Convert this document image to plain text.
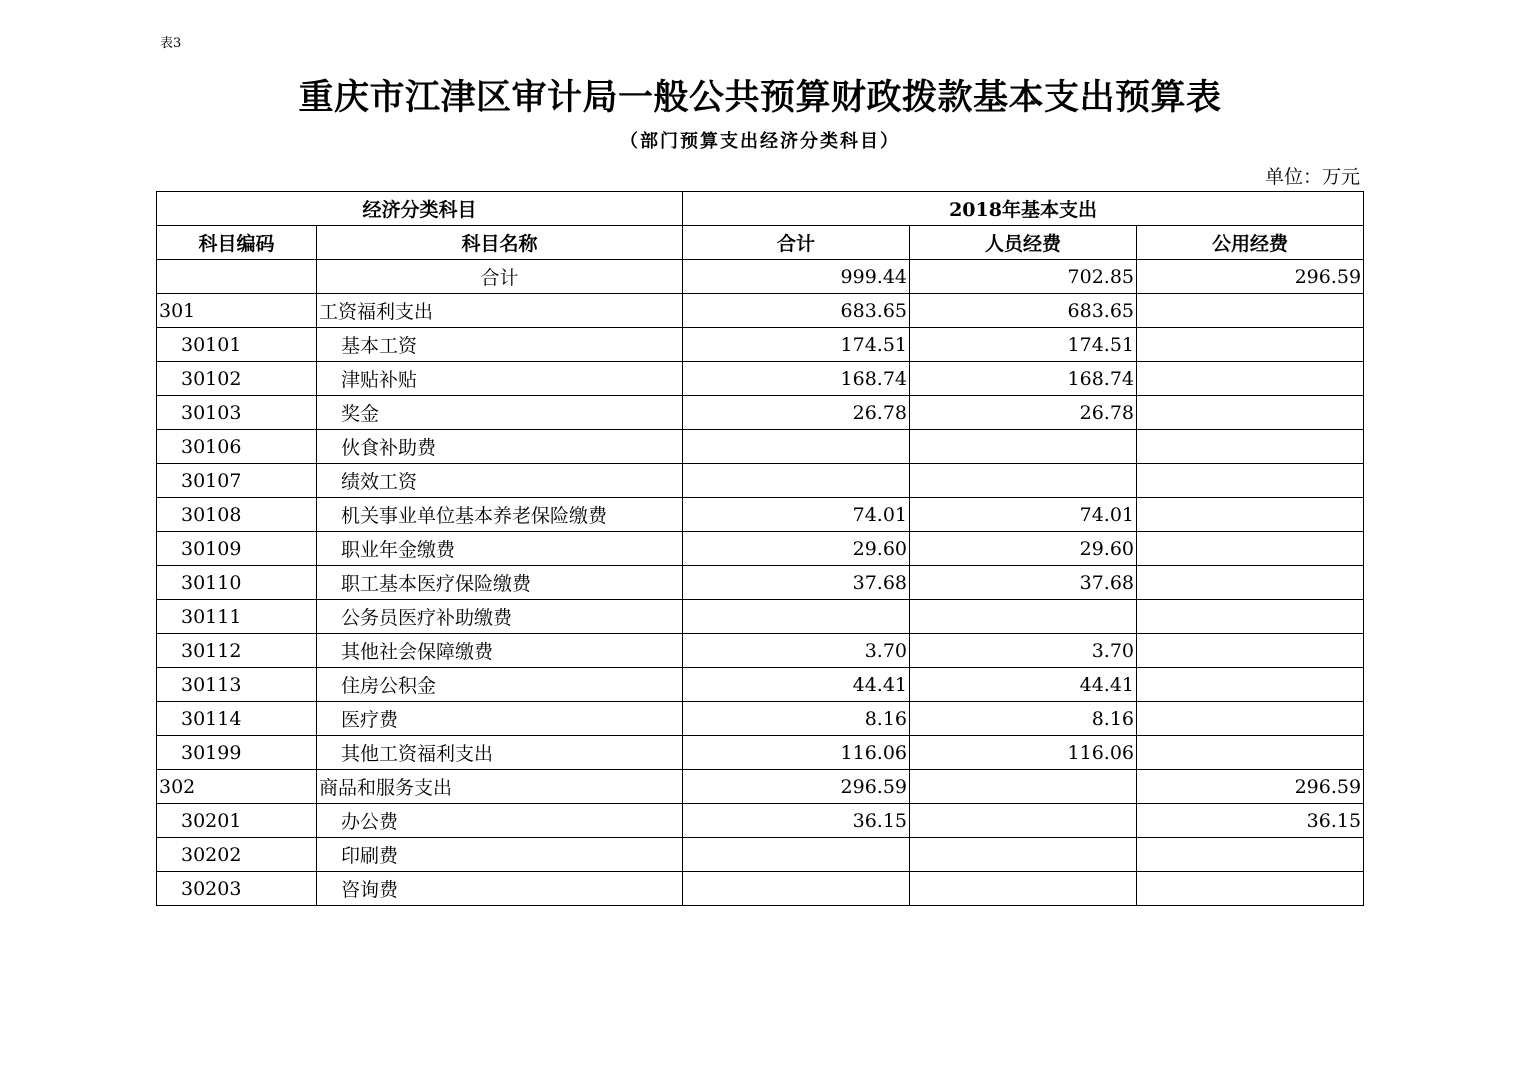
表3
重庆市江津区审计局一般公共预算财政拨款基本支出预算表
（部门预算支出经济分类科目）
单位：万元
经济分类科目		2018年基本支出		
科目编码	科目名称	合计	人员经费	公用经费
	合计	999.44	702.85	296.59
301	工资福利支出	683.65	683.65	
30101	基本工资	174.51	174.51	
30102	津贴补贴	168.74	168.74	
30103	奖金	26.78	26.78	
30106	伙食补助费			
30107	绩效工资			
30108	机关事业单位基本养老保险缴费	74.01	74.01	
30109	职业年金缴费	29.60	29.60	
30110	职工基本医疗保险缴费	37.68	37.68	
30111	公务员医疗补助缴费			
30112	其他社会保障缴费	3.70	3.70	
30113	住房公积金	44.41	44.41	
30114	医疗费	8.16	8.16	
30199	其他工资福利支出	116.06	116.06	
302	商品和服务支出	296.59		296.59
30201	办公费	36.15		36.15
30202	印刷费			
30203	咨询费			
